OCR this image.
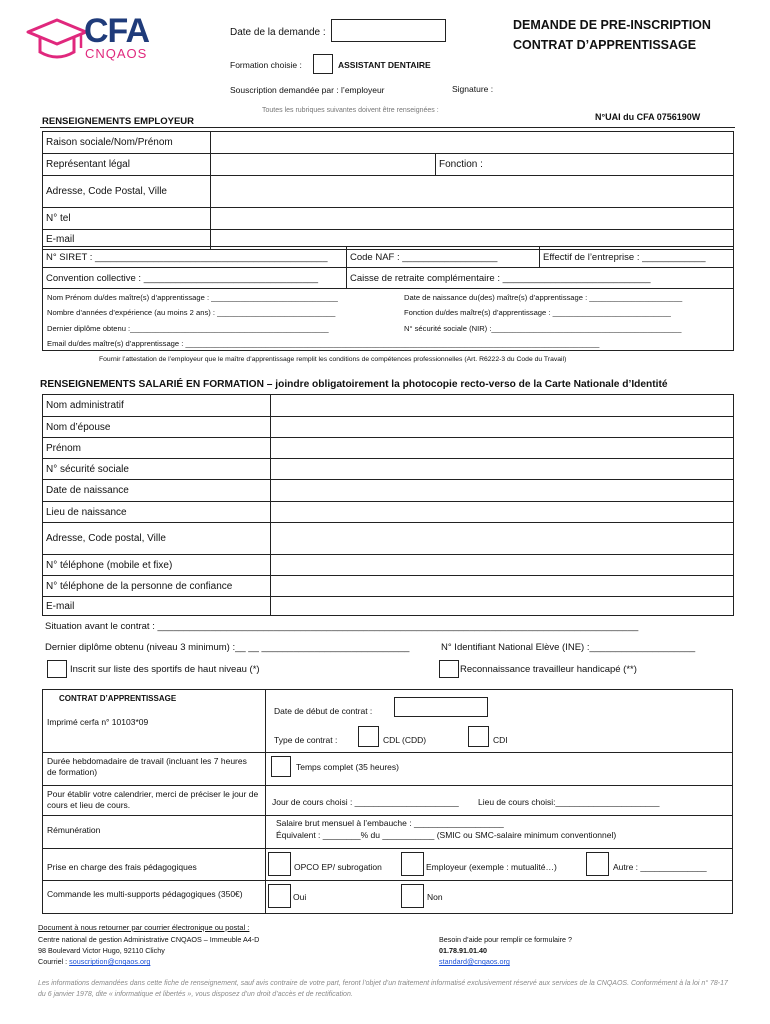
CFA
CNQAOS
Date de la demande :
DEMANDE DE PRE-INSCRIPTION
CONTRAT D’APPRENTISSAGE
Formation choisie :	ASSISTANT DENTAIRE
Souscription demandée par : l’employeur	Signature :
Toutes les rubriques suivantes doivent être renseignées :
N°UAI du CFA 0756190W
RENSEIGNEMENTS EMPLOYEUR
Raison sociale/Nom/Prénom		
Représentant légal		Fonction :
Adresse, Code Postal, Ville		
N° tel		
E-mail		
N° SIRET : ____________________________________________	Code NAF : __________________	Effectif de l’entreprise : ____________
Convention collective : _________________________________	Caisse de retraite complémentaire : ____________________________	
Nom Prénom du/des maître(s) d’apprentissage : ______________________________	Date de naissance du(des) maître(s) d’apprentissage : ______________________
Nombre d’années d’expérience (au moins 2 ans) : ____________________________	Fonction du/des maître(s) d’apprentissage : ____________________________
Dernier diplôme obtenu :_______________________________________________	N° sécurité sociale (NIR) :_____________________________________________
Email du/des maître(s) d’apprentissage : __________________________________________________________________________________________________
Fournir l’attestation de l’employeur que le maître d’apprentissage remplit les conditions de compétences professionnelles (Art. R6222-3 du Code du Travail)
RENSEIGNEMENTS SALARIÉ EN FORMATION – joindre obligatoirement la photocopie recto-verso de la Carte Nationale d’Identité
Nom administratif	
Nom d’épouse	
Prénom	
N° sécurité sociale	
Date de naissance	
Lieu de naissance	
Adresse, Code postal, Ville	
N° téléphone (mobile et fixe)	
N° téléphone de la personne de confiance	
E-mail	
Situation avant le contrat : ___________________________________________________________________________________________
Dernier diplôme obtenu (niveau 3 minimum) :__ __ ____________________________	N° Identifiant National Elève (INE) :____________________
Inscrit sur liste des sportifs de haut niveau (*)	Reconnaissance travailleur handicapé (**)
CONTRAT D’APPRENTISSAGE
Imprimé cerfa n° 10103*09
Date de début de contrat :
Type de contrat :	CDL (CDD)	CDI
Durée hebdomadaire de travail (incluant les 7 heures de formation)	Temps complet (35 heures)
Pour établir votre calendrier, merci de préciser le jour de cours et lieu de cours.	Jour de cours choisi : ______________________ Lieu de cours choisi:______________________
Rémunération
Salaire brut mensuel à l’embauche : ___________________
Équivalent : ________% du ___________ (SMIC ou SMC-salaire minimum conventionnel)
Prise en charge des frais pédagogiques	OPCO EP/ subrogation	Employeur (exemple : mutualité…)	Autre : ______________
Commande les multi-supports pédagogiques (350€)	Oui	Non
Document à nous retourner par courrier électronique ou postal :
Centre national de gestion Administrative CNQAOS – Immeuble A4-D
98 Boulevard Victor Hugo, 92110 Clichy
Courriel : souscription@cnqaos.org
Besoin d’aide pour remplir ce formulaire ?
01.78.91.01.40
standard@cnqaos.org
Les informations demandées dans cette fiche de renseignement, sauf avis contraire de votre part, feront l’objet d’un traitement informatisé exclusivement réservé aux services de la CNQAOS. Conformément à la loi n° 78-17 du 6 janvier 1978, dite « informatique et libertés », vous disposez d’un droit d’accès et de rectification.
